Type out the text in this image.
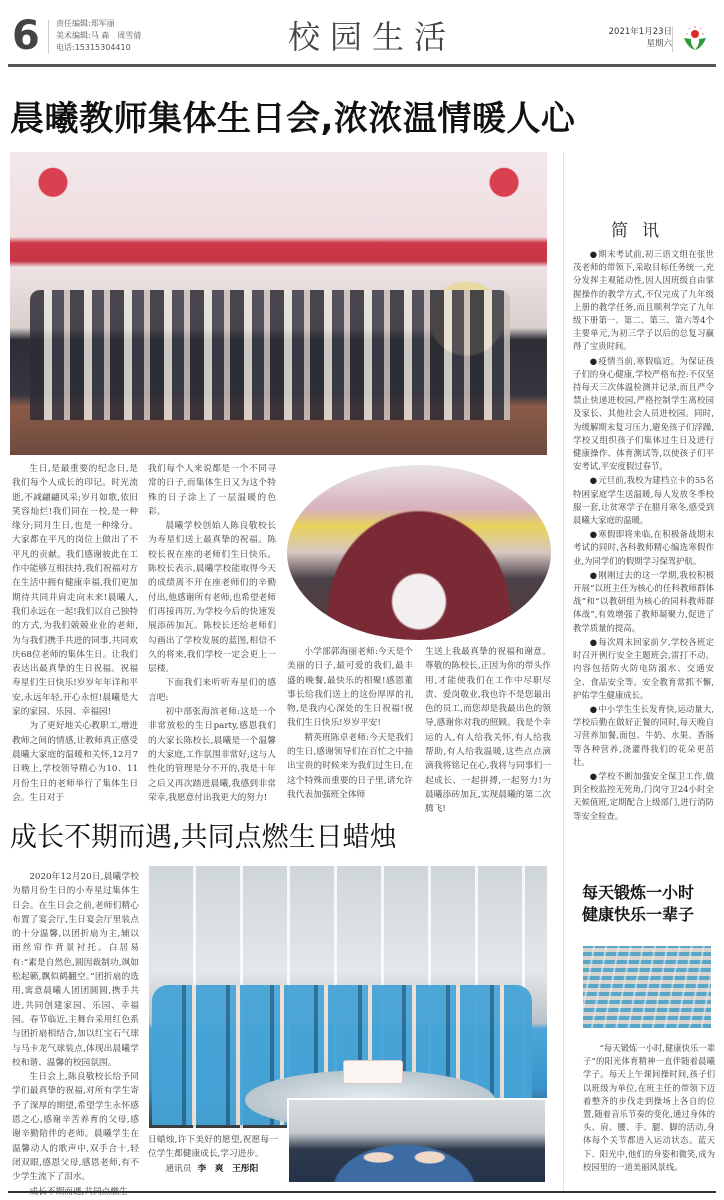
6 责任编辑:郑军丽
美术编辑:马 森　周雪倩
电话:15315304410	校园生活	2021年1月23日
星期六
晨曦教师集体生日会,浓浓温情暖人心

生日,是最重要的纪念日,是我们每个人成长的印记。时光流逝,不减翩翩风采;岁月如歌,依旧笑容灿烂!我们同在一校,是一种缘分;同月生日,也是一种缘分。大家都在平凡的岗位上做出了不平凡的贡献。我们感谢彼此在工作中能够互相扶持,我们祝福对方在生活中拥有健康幸福,我们更加期待共同并肩走向未来!晨曦人,我们永远在一起!我们以自己独特的方式,为我们兢兢业业的老师,为与我们携手共进的同事,共同欢庆68位老师的集体生日。让我们表达出最真挚的生日祝福。祝福寿星们生日快乐!岁岁年年详和平安,永远年轻,开心永恒!晨曦是大家的家园、乐园、幸福园!

为了更好地关心教职工,增进教师之间的情感,让教师真正感受晨曦大家庭的温暖和关怀,12月7日晚上,学校领导精心为10、11月份生日的老师举行了集体生日会。生日对于

我们每个人来说都是一个不同寻常的日子,而集体生日又为这个特殊的日子涂上了一层温暖的色彩。

晨曦学校创始人陈良敬校长为寿星们送上最真挚的祝福。陈校长祝在座的老师们生日快乐。陈校长表示,晨曦学校能取得今天的成绩离不开在座老师们的辛勤付出,他感谢所有老师,也希望老师们再接再厉,为学校今后的快速发展添砖加瓦。陈校长还给老师们勾画出了学校发展的蓝图,相信不久的将来,我们学校一定会更上一层楼。

下面我们来听听寿星们的感言吧:

初中部张海滨老师:这是一个非常放松的生日party,感恩我们的大家长陈校长,晨曦是一个温馨的大家庭,工作氛围非常好,这与人性化的管理是分不开的,我是十年之后又再次踏进晨曦,我感到非常荣幸,我愿意付出我更大的努力!

小学部郭海丽老师:今天是个美丽的日子,最可爱的我们,最丰盛的晚餐,最快乐的相聚!感恩董事长给我们送上的这份厚厚的礼物,是我内心深处的生日祝福!祝我们生日快乐!岁岁平安!

精英班陈卓老师:今天是我们的生日,感谢领导们在百忙之中抽出宝贵的时候来为我们过生日,在这个特殊而重要的日子里,请允许我代表加强班全体师

生送上我最真挚的祝福和谢意。尊敬的陈校长,正因为你的带头作用,才能使我们在工作中尽职尽责、爱岗敬业,我也许不是您最出色的员工,而您却是我最出色的领导,感谢你对我的照顾。我是个幸运的人,有人给我关怀,有人给我帮助,有人给我温暖,这些点点滴滴我将铭记在心,我将与同事们一起成长、一起拼搏,一起努力!为晨曦添砖加瓦,实现晨曦的第二次腾飞!

成长不期而遇,共同点燃生日蜡烛

2020年12月20日,晨曦学校为腊月份生日的小寿星过集体生日会。在生日会之前,老师们精心布置了宴会厅,生日宴会厅里装点的十分温馨,以团折扇为主,辅以雨丝帘作背景衬托。白居易有:“素是自然色,圆因裁制功,飒如松起籁,飘似鹤翻空。”团折扇的选用,寓意晨曦人团团圆圆,携手共进,共同创建家园、乐园、幸福园。春节临近,主舞台采用红色系与团折扇相结合,加以红宝石气球与马卡龙气球装点,体现出晨曦学校和谐、温馨的校园氛围。

生日会上,陈良敬校长给予同学们最真挚的祝福,对所有学生寄予了深厚的期望,希望学生永怀感恩之心,感谢辛苦养育的父母,感谢辛勤陪伴的老师。晨曦学生在温馨动人的歌声中,双手合十,轻闭双眼,感恩父母,感恩老师,有不少学生流下了泪水。

日蜡烛,许下美好的愿望,祝愿每一位学生都健康成长,学习进步。

通讯员 李　爽　王彤阳

简讯

● 期末考试前,初三语文组在张世茂老师的带领下,采取目标任务统一,充分发挥主观能动性,因人因班级自由掌握操作的教学方式,不仅完成了九年级上册的教学任务,而且顺利学完了九年级下册第一、第二、第三、第六等4个主要单元,为初三学子以后的总复习赢得了宝贵时间。

● 疫情当前,寒假临近。为保证孩子们的身心健康,学校严格布控:不仅坚持每天三次体温检测并记录,而且严令禁止快递进校园,严格控制学生离校园及家长、其他社会人员进校园。同时,为缓解期末复习压力,避免孩子们浮躁,学校又组织孩子们集体过生日及进行健康操作、体育测试等,以使孩子们平安考试,平安度假过春节。

● 元旦前,我校为建档立卡的55名特困家庭学生送温暖,每人发放冬季校服一套,让贫寒学子在腊月寒冬,感受到晨曦大家庭的温暖。

● 寒假即将来临,在积极备战期末考试的同时,各科教师精心编选寒假作业,为同学们的假期学习保驾护航。

● 刚刚过去的这一学期,我校积极开展“以班主任为核心的任科教师群体战”和“以教研组为核心的同科教师群体战”,有效增强了教师凝聚力,促进了教学质量的提高。

● 每次周末回家前夕,学校各班定时召开例行安全主题班会,雷打不动。内容包括防火防电防溺水、交通安全、食品安全等。安全教育常抓不懈,护佑学生健康成长。

● 中小学生生长发育快,运动量大,学校后勤在做好正餐的同时,每天晚自习营养加餐,面包、牛奶、水果、香肠等各种营养,浇灌得我们的花朵更茁壮。

● 学校不断加强安全保卫工作,做到全校监控无死角,门岗守卫24小时全天候值班,定期配合上级部门,进行消防等安全检查。

每天锻炼一小时
健康快乐一辈子

“每天锻炼一小时,健康快乐一辈子”的阳光体育精神一直伴随着晨曦学子。每天上午课间操时间,孩子们以班级为单位,在班主任的带领下迈着整齐的步伐走到操场上各自的位置,随着音乐节奏的变化,通过身体的头、肩、腰、手、腿、脚的活动,身体每个关节都进入运动状态。蓝天下、阳光中,他们的身姿和微笑,成为校园里的一道美丽风景线。
